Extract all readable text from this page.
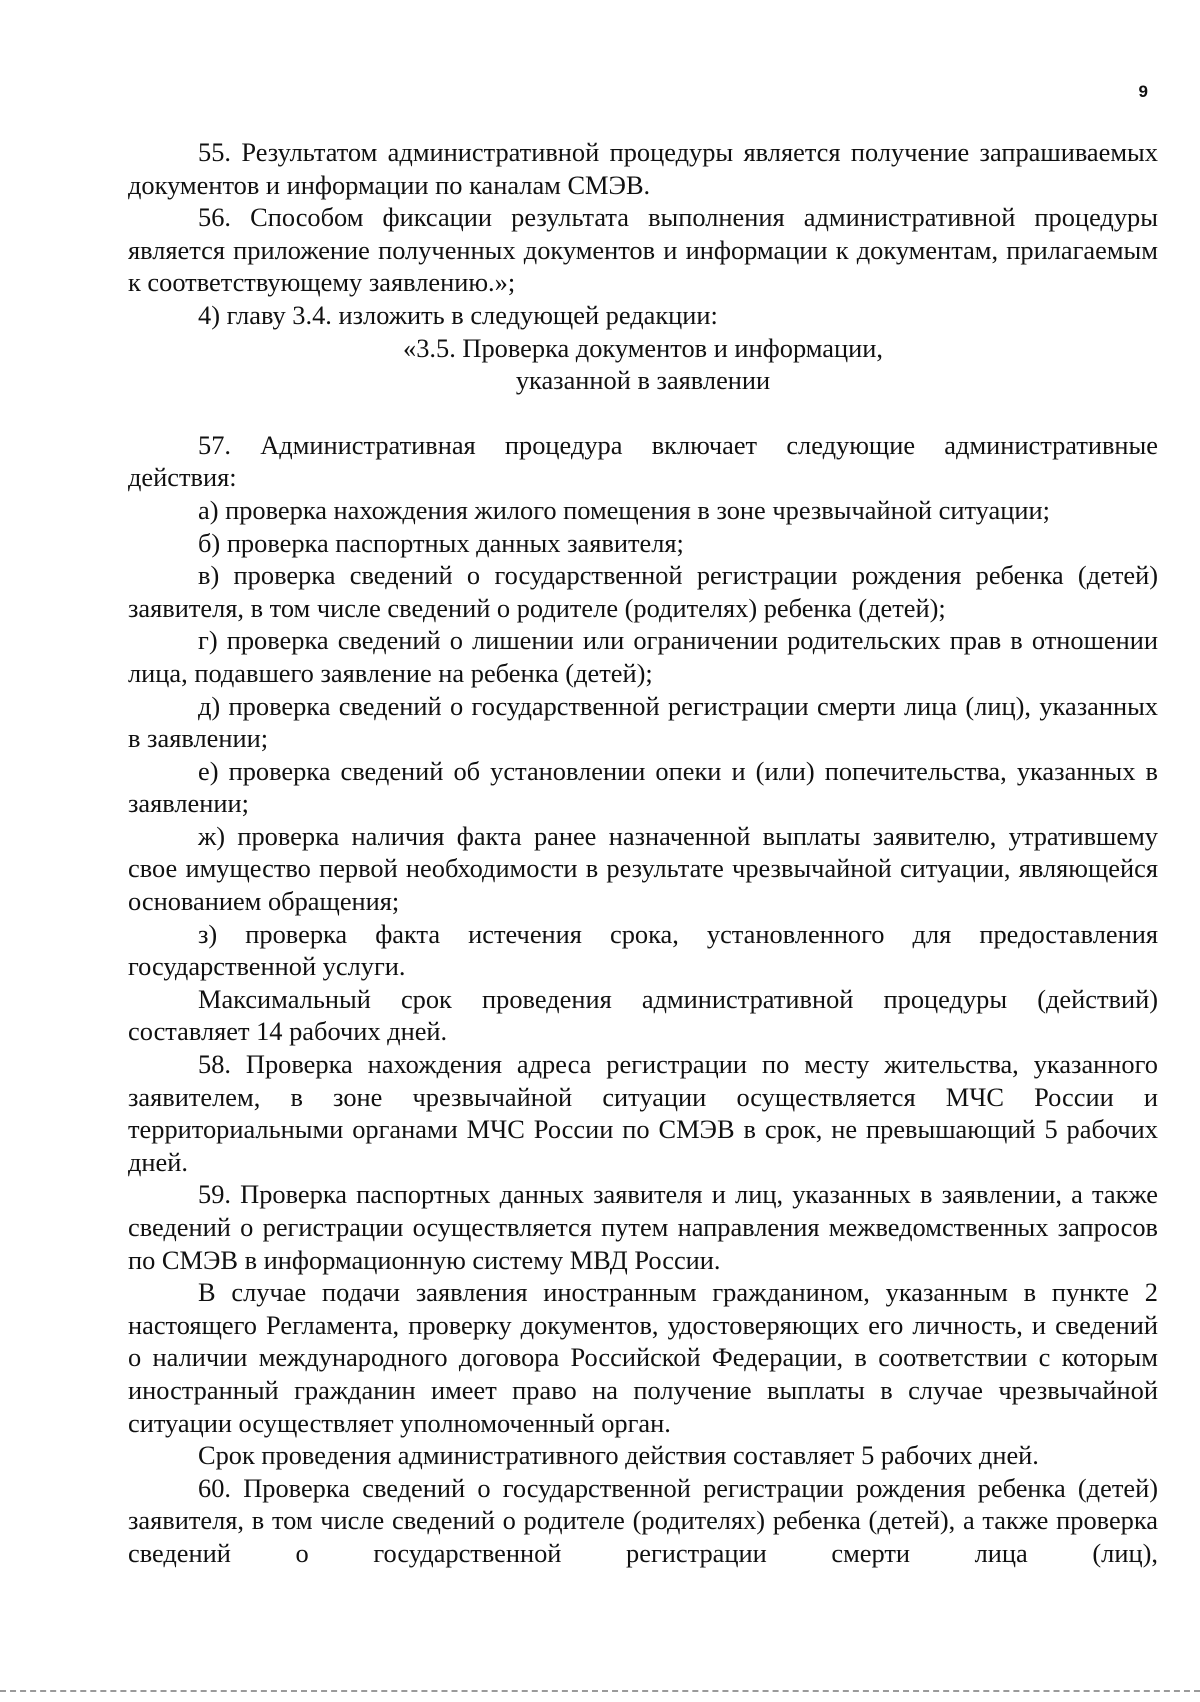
9

55. Результатом административной процедуры является получение запрашиваемых документов и информации по каналам СМЭВ.

56. Способом фиксации результата выполнения административной процедуры является приложение полученных документов и информации к документам, прилагаемым к соответствующему заявлению.»;

4) главу 3.4. изложить в следующей редакции:

«3.5. Проверка документов и информации,
указанной в заявлении

57. Административная процедура включает следующие административные действия:

а) проверка нахождения жилого помещения в зоне чрезвычайной ситуации;

б) проверка паспортных данных заявителя;

в) проверка сведений о государственной регистрации рождения ребенка (детей) заявителя, в том числе сведений о родителе (родителях) ребенка (детей);

г) проверка сведений о лишении или ограничении родительских прав в отношении лица, подавшего заявление на ребенка (детей);

д) проверка сведений о государственной регистрации смерти лица (лиц), указанных в заявлении;

е) проверка сведений об установлении опеки и (или) попечительства, указанных в заявлении;

ж) проверка наличия факта ранее назначенной выплаты заявителю, утратившему свое имущество первой необходимости в результате чрезвычайной ситуации, являющейся основанием обращения;

з) проверка факта истечения срока, установленного для предоставления государственной услуги.

Максимальный срок проведения административной процедуры (действий) составляет 14 рабочих дней.

58. Проверка нахождения адреса регистрации по месту жительства, указанного заявителем, в зоне чрезвычайной ситуации осуществляется МЧС России и территориальными органами МЧС России по СМЭВ в срок, не превышающий 5 рабочих дней.

59. Проверка паспортных данных заявителя и лиц, указанных в заявлении, а также сведений о регистрации осуществляется путем направления межведомственных запросов по СМЭВ в информационную систему МВД России.

В случае подачи заявления иностранным гражданином, указанным в пункте 2 настоящего Регламента, проверку документов, удостоверяющих его личность, и сведений о наличии международного договора Российской Федерации, в соответствии с которым иностранный гражданин имеет право на получение выплаты в случае чрезвычайной ситуации осуществляет уполномоченный орган.

Срок проведения административного действия составляет 5 рабочих дней.

60. Проверка сведений о государственной регистрации рождения ребенка (детей) заявителя, в том числе сведений о родителе (родителях) ребенка (детей), а также проверка сведений о государственной регистрации смерти лица (лиц),
